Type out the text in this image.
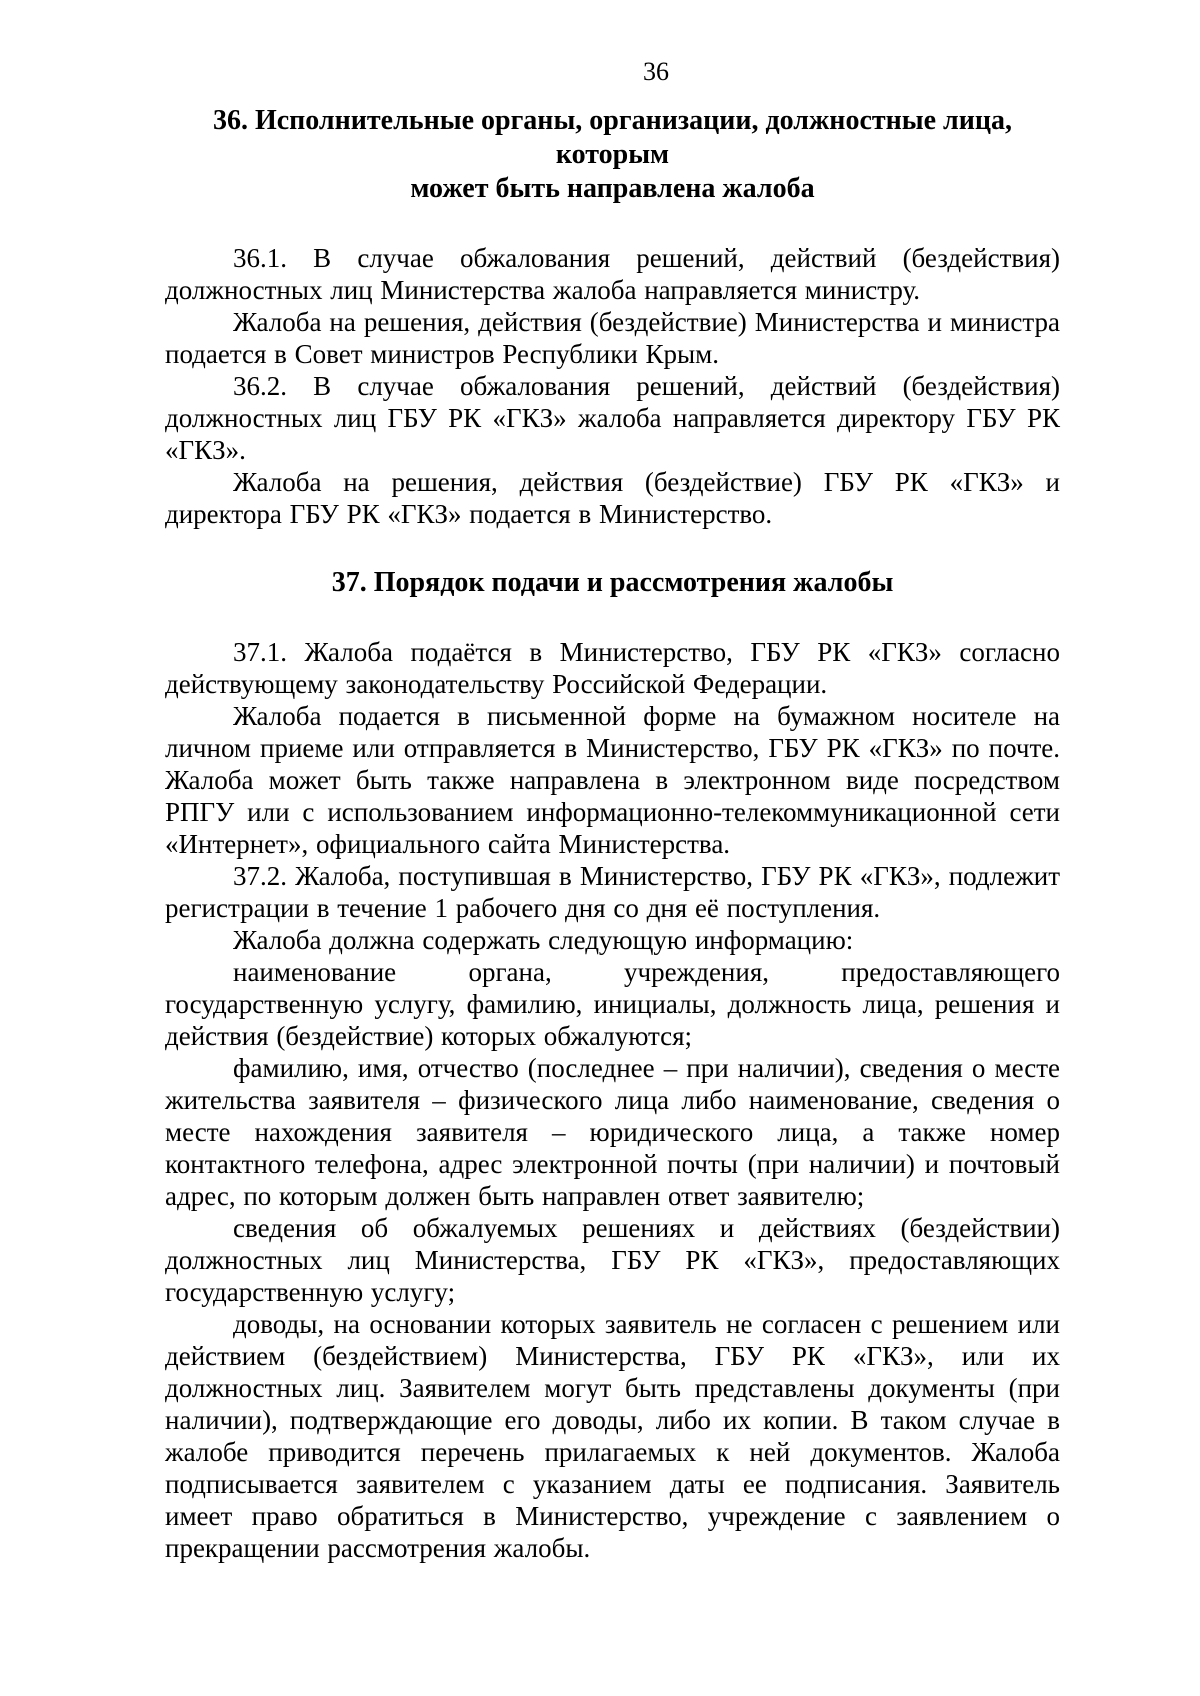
36
36. Исполнительные органы, организации, должностные лица, которым
может быть направлена жалоба

36.1. В случае обжалования решений, действий (бездействия) должностных лиц Министерства жалоба направляется министру.

Жалоба на решения, действия (бездействие) Министерства и министра подается в Совет министров Республики Крым.

36.2. В случае обжалования решений, действий (бездействия) должностных лиц ГБУ РК «ГКЗ» жалоба направляется директору ГБУ РК «ГКЗ».

Жалоба на решения, действия (бездействие) ГБУ РК «ГКЗ» и директора ГБУ РК «ГКЗ» подается в Министерство.

37. Порядок подачи и рассмотрения жалобы

37.1. Жалоба подаётся в Министерство, ГБУ РК «ГКЗ» согласно действующему законодательству Российской Федерации.

Жалоба подается в письменной форме на бумажном носителе на личном приеме или отправляется в Министерство, ГБУ РК «ГКЗ» по почте. Жалоба может быть также направлена в электронном виде посредством РПГУ или с использованием информационно-телекоммуникационной сети «Интернет», официального сайта Министерства.

37.2. Жалоба, поступившая в Министерство, ГБУ РК «ГКЗ», подлежит регистрации в течение 1 рабочего дня со дня её поступления.

Жалоба должна содержать следующую информацию:

наименование органа, учреждения, предоставляющего государственную услугу, фамилию, инициалы, должность лица, решения и действия (бездействие) которых обжалуются;

фамилию, имя, отчество (последнее – при наличии), сведения о месте жительства заявителя – физического лица либо наименование, сведения о месте нахождения заявителя – юридического лица, а также номер контактного телефона, адрес электронной почты (при наличии) и почтовый адрес, по которым должен быть направлен ответ заявителю;

сведения об обжалуемых решениях и действиях (бездействии) должностных лиц Министерства, ГБУ РК «ГКЗ», предоставляющих государственную услугу;

доводы, на основании которых заявитель не согласен с решением или действием (бездействием) Министерства, ГБУ РК «ГКЗ», или их должностных лиц. Заявителем могут быть представлены документы (при наличии), подтверждающие его доводы, либо их копии. В таком случае в жалобе приводится перечень прилагаемых к ней документов. Жалоба подписывается заявителем с указанием даты ее подписания. Заявитель имеет право обратиться в Министерство, учреждение с заявлением о прекращении рассмотрения жалобы.
